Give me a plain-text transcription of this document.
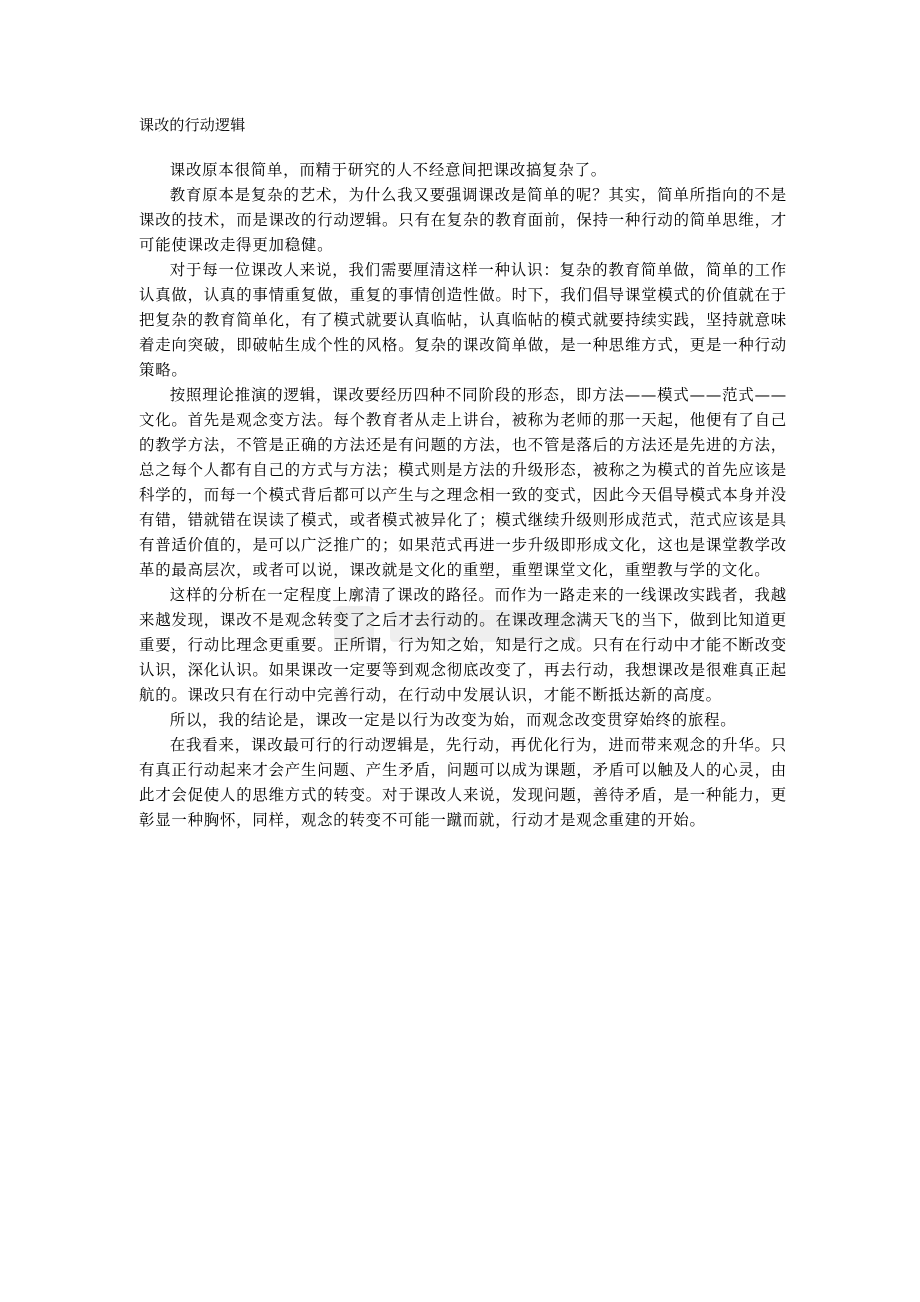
课改的行动逻辑

课改原本很简单，而精于研究的人不经意间把课改搞复杂了。

教育原本是复杂的艺术，为什么我又要强调课改是简单的呢？其实，简单所指向的不是课改的技术，而是课改的行动逻辑。只有在复杂的教育面前，保持一种行动的简单思维，才可能使课改走得更加稳健。

对于每一位课改人来说，我们需要厘清这样一种认识：复杂的教育简单做，简单的工作认真做，认真的事情重复做，重复的事情创造性做。时下，我们倡导课堂模式的价值就在于把复杂的教育简单化，有了模式就要认真临帖，认真临帖的模式就要持续实践，坚持就意味着走向突破，即破帖生成个性的风格。复杂的课改简单做，是一种思维方式，更是一种行动策略。

按照理论推演的逻辑，课改要经历四种不同阶段的形态，即方法——模式——范式——文化。首先是观念变方法。每个教育者从走上讲台，被称为老师的那一天起，他便有了自己的教学方法，不管是正确的方法还是有问题的方法，也不管是落后的方法还是先进的方法，总之每个人都有自己的方式与方法；模式则是方法的升级形态，被称之为模式的首先应该是科学的，而每一个模式背后都可以产生与之理念相一致的变式，因此今天倡导模式本身并没有错，错就错在误读了模式，或者模式被异化了；模式继续升级则形成范式，范式应该是具有普适价值的，是可以广泛推广的；如果范式再进一步升级即形成文化，这也是课堂教学改革的最高层次，或者可以说，课改就是文化的重塑，重塑课堂文化，重塑教与学的文化。

这样的分析在一定程度上廓清了课改的路径。而作为一路走来的一线课改实践者，我越来越发现，课改不是观念转变了之后才去行动的。在课改理念满天飞的当下，做到比知道更重要，行动比理念更重要。正所谓，行为知之始，知是行之成。只有在行动中才能不断改变认识，深化认识。如果课改一定要等到观念彻底改变了，再去行动，我想课改是很难真正起航的。课改只有在行动中完善行动，在行动中发展认识，才能不断抵达新的高度。

所以，我的结论是，课改一定是以行为改变为始，而观念改变贯穿始终的旅程。

在我看来，课改最可行的行动逻辑是，先行动，再优化行为，进而带来观念的升华。只有真正行动起来才会产生问题、产生矛盾，问题可以成为课题，矛盾可以触及人的心灵，由此才会促使人的思维方式的转变。对于课改人来说，发现问题，善待矛盾，是一种能力，更彰显一种胸怀，同样，观念的转变不可能一蹴而就，行动才是观念重建的开始。
